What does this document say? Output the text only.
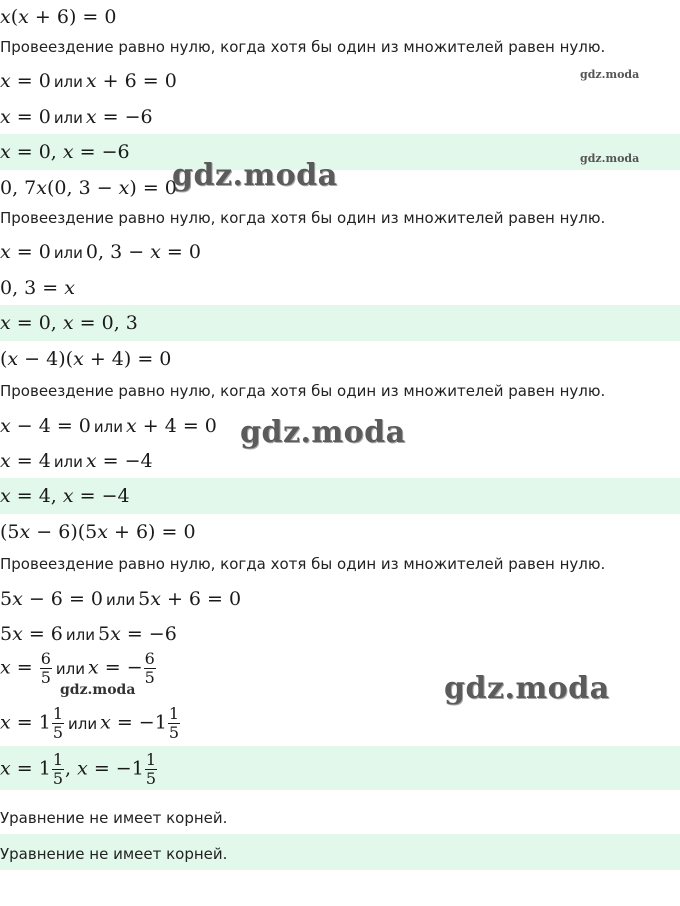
x(x + 6) = 0
Провеездение равно нулю, когда хотя бы один из множителей равен нулю.
x = 0 или x + 6 = 0
x = 0 или x = −6
x = 0, x = −6
0, 7x(0, 3 − x) = 0
Провеездение равно нулю, когда хотя бы один из множителей равен нулю.
x = 0 или 0, 3 − x = 0
0, 3 = x
x = 0, x = 0, 3
(x − 4)(x + 4) = 0
Провеездение равно нулю, когда хотя бы один из множителей равен нулю.
x − 4 = 0 или x + 4 = 0
x = 4 или x = −4
x = 4, x = −4
(5x − 6)(5x + 6) = 0
Провеездение равно нулю, когда хотя бы один из множителей равен нулю.
5x − 6 = 0 или 5x + 6 = 0
5x = 6 или 5x = −6
$x = \frac{6}{5}$ или x = − $\frac{6}{5}$
$x = 1 \frac{1}{5}$ или $x = -1 \frac{1}{5}$
$x = 1 \frac{1}{5}$ , $x = -1 \frac{1}{5}$
Уравнение не имеет корней.
Уравнение не имеет корней.
gdz.moda
gdz.moda
gdz.moda
gdz.moda
gdz.moda	gdz.moda
